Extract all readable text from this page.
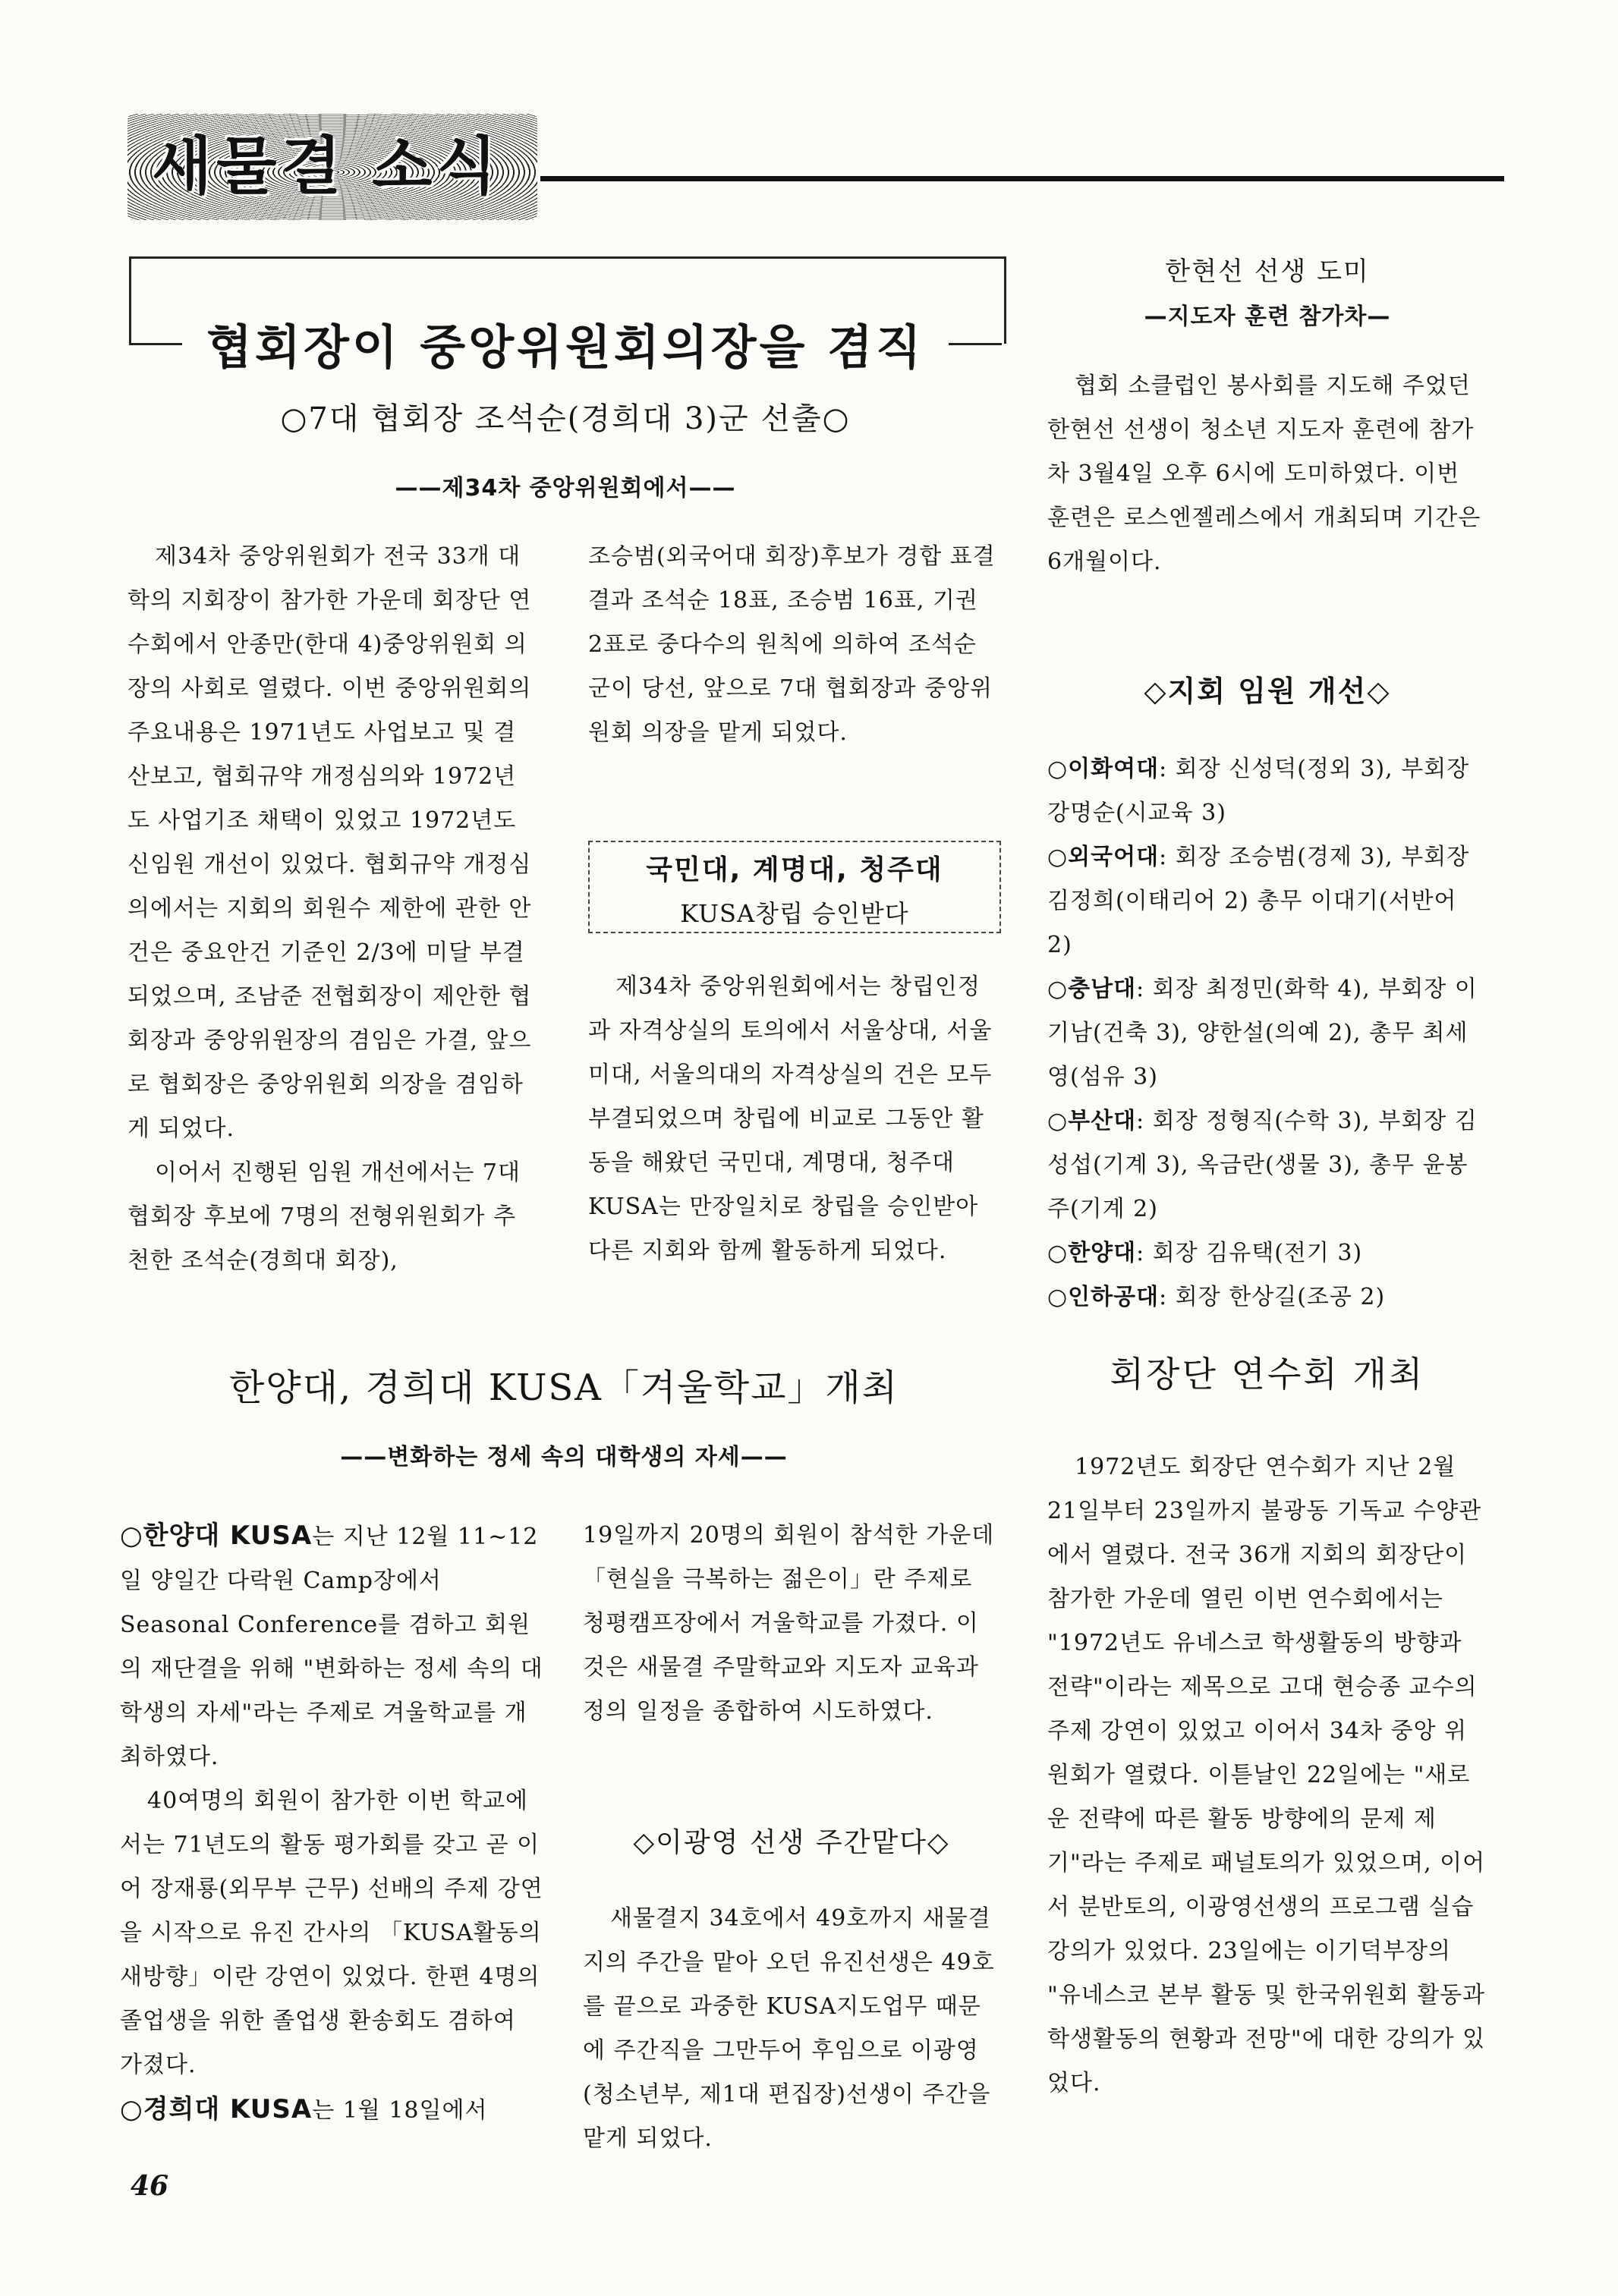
새물결 소식
협회장이 중앙위원회의장을 겸직
○7대 협회장 조석순(경희대 3)군 선출○
——제34차 중앙위원회에서——

제34차 중앙위원회가 전국 33개 대학의 지회장이 참가한 가운데 회장단 연수회에서 안종만(한대 4)중앙위원회 의장의 사회로 열렸다. 이번 중앙위원회의 주요내용은 1971년도 사업보고 및 결산보고, 협회규약 개정심의와 1972년도 사업기조 채택이 있었고 1972년도 신임원 개선이 있었다. 협회규약 개정심의에서는 지회의 회원수 제한에 관한 안건은 중요안건 기준인 2/3에 미달 부결되었으며, 조남준 전협회장이 제안한 협회장과 중앙위원장의 겸임은 가결, 앞으로 협회장은 중앙위원회 의장을 겸임하게 되었다.

이어서 진행된 임원 개선에서는 7대 협회장 후보에 7명의 전형위원회가 추천한 조석순(경희대 회장),

조승범(외국어대 회장)후보가 경합 표결 결과 조석순 18표, 조승범 16표, 기권 2표로 중다수의 원칙에 의하여 조석순군이 당선, 앞으로 7대 협회장과 중앙위원회 의장을 맡게 되었다.

국민대, 계명대, 청주대
KUSA창립 승인받다

제34차 중앙위원회에서는 창립인정과 자격상실의 토의에서 서울상대, 서울미대, 서울의대의 자격상실의 건은 모두 부결되었으며 창립에 비교로 그동안 활동을 해왔던 국민대, 계명대, 청주대 KUSA는 만장일치로 창립을 승인받아 다른 지회와 함께 활동하게 되었다.

한현선 선생 도미
—지도자 훈련 참가차—

협회 소클럽인 봉사회를 지도해 주었던 한현선 선생이 청소년 지도자 훈련에 참가차 3월4일 오후 6시에 도미하였다. 이번 훈련은 로스엔젤레스에서 개최되며 기간은 6개월이다.

◇지회 임원 개선◇

○이화여대: 회장 신성덕(정외 3), 부회장 강명순(시교육 3)

○외국어대: 회장 조승범(경제 3), 부회장 김정희(이태리어 2) 총무 이대기(서반어 2)

○충남대: 회장 최정민(화학 4), 부회장 이기남(건축 3), 양한설(의예 2), 총무 최세영(섬유 3)

○부산대: 회장 정형직(수학 3), 부회장 김성섭(기계 3), 옥금란(생물 3), 총무 윤봉주(기계 2)

○한양대: 회장 김유택(전기 3)

○인하공대: 회장 한상길(조공 2)

한양대, 경희대 KUSA「겨울학교」개최
——변화하는 정세 속의 대학생의 자세——

○한양대 KUSA는 지난 12월 11~12일 양일간 다락원 Camp장에서 Seasonal Conference를 겸하고 회원의 재단결을 위해 "변화하는 정세 속의 대학생의 자세"라는 주제로 겨울학교를 개최하였다.

40여명의 회원이 참가한 이번 학교에서는 71년도의 활동 평가회를 갖고 곧 이어 장재룡(외무부 근무) 선배의 주제 강연을 시작으로 유진 간사의 「KUSA활동의 새방향」이란 강연이 있었다. 한편 4명의 졸업생을 위한 졸업생 환송회도 겸하여 가졌다.

○경희대 KUSA는 1월 18일에서

19일까지 20명의 회원이 참석한 가운데 「현실을 극복하는 젊은이」란 주제로 청평캠프장에서 겨울학교를 가졌다. 이것은 새물결 주말학교와 지도자 교육과정의 일정을 종합하여 시도하였다.

◇이광영 선생 주간맡다◇

새물결지 34호에서 49호까지 새물결지의 주간을 맡아 오던 유진선생은 49호를 끝으로 과중한 KUSA지도업무 때문에 주간직을 그만두어 후임으로 이광영(청소년부, 제1대 편집장)선생이 주간을 맡게 되었다.

회장단 연수회 개최

1972년도 회장단 연수회가 지난 2월 21일부터 23일까지 불광동 기독교 수양관에서 열렸다. 전국 36개 지회의 회장단이 참가한 가운데 열린 이번 연수회에서는 "1972년도 유네스코 학생활동의 방향과 전략"이라는 제목으로 고대 현승종 교수의 주제 강연이 있었고 이어서 34차 중앙 위원회가 열렸다. 이튿날인 22일에는 "새로운 전략에 따른 활동 방향에의 문제 제기"라는 주제로 패널토의가 있었으며, 이어서 분반토의, 이광영선생의 프로그램 실습강의가 있었다. 23일에는 이기덕부장의 "유네스코 본부 활동 및 한국위원회 활동과 학생활동의 현황과 전망"에 대한 강의가 있었다.

46
